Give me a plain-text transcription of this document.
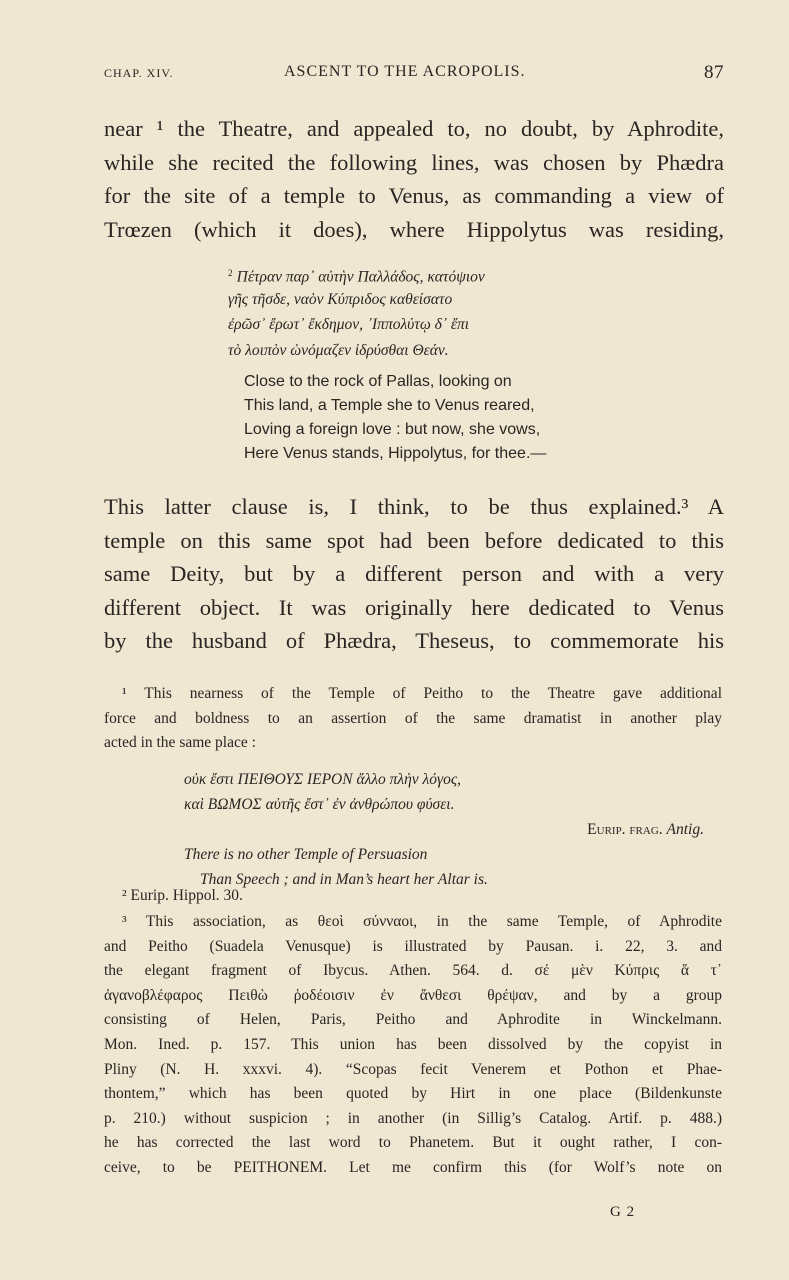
CHAP. XIV.	ASCENT TO THE ACROPOLIS.	87
near ¹ the Theatre, and appealed to, no doubt, by Aphrodite,
while she recited the following lines, was chosen by Phædra
for the site of a temple to Venus, as commanding a view of
Trœzen (which it does), where Hippolytus was residing,
$^2$ Πέτραν παρ᾽ αὐτὴν Παλλάδος, κατόψιον
γῆς τῆσδε, ναὸν Κύπριδος καθείσατο
ἐρῶσ᾽ ἔρωτ᾽ ἔκδημον, ᾽Ιππολύτῳ δ᾽ ἔπι
τὸ λοιπὸν ὠνόμαζεν ἱδρύσθαι Θεάν.
Close to the rock of Pallas, looking on
This land, a Temple she to Venus reared,
Loving a foreign love : but now, she vows,
Here Venus stands, Hippolytus, for thee.—
This latter clause is, I think, to be thus explained.³ A
temple on this same spot had been before dedicated to this
same Deity, but by a different person and with a very
different object. It was originally here dedicated to Venus
by the husband of Phædra, Theseus, to commemorate his
¹ This nearness of the Temple of Peitho to the Theatre gave additional
force and boldness to an assertion of the same dramatist in another play
acted in the same place :
οὐκ ἔστι ΠΕΙΘΟΥΣ ΙΕΡΟΝ ἄλλο πλὴν λόγος,
καὶ ΒΩΜΟΣ αὐτῆς ἔστ᾽ ἐν ἀνθρώπου φύσει.
Eurip. frag. Antig.
There is no other Temple of Persuasion
Than Speech ; and in Man’s heart her Altar is.
² Eurip. Hippol. 30.
³ This association, as θεοὶ σύνναοι, in the same Temple, of Aphrodite
and Peitho (Suadela Venusque) is illustrated by Pausan. i. 22, 3. and
the elegant fragment of Ibycus. Athen. 564. d. σέ μὲν Κύπρις ἅ τ᾽
ἀγανοβλέφαρος Πειθὼ ῥοδέοισιν ἐν ἄνθεσι θρέψαν, and by a group
consisting of Helen, Paris, Peitho and Aphrodite in Winckelmann.
Mon. Ined. p. 157. This union has been dissolved by the copyist in
Pliny (N. H. xxxvi. 4). “Scopas fecit Venerem et Pothon et Phae-
thontem,” which has been quoted by Hirt in one place (Bildenkunste
p. 210.) without suspicion ; in another (in Sillig’s Catalog. Artif. p. 488.)
he has corrected the last word to Phanetem. But it ought rather, I con-
ceive, to be PEITHONEM. Let me confirm this (for Wolf’s note on
G 2
